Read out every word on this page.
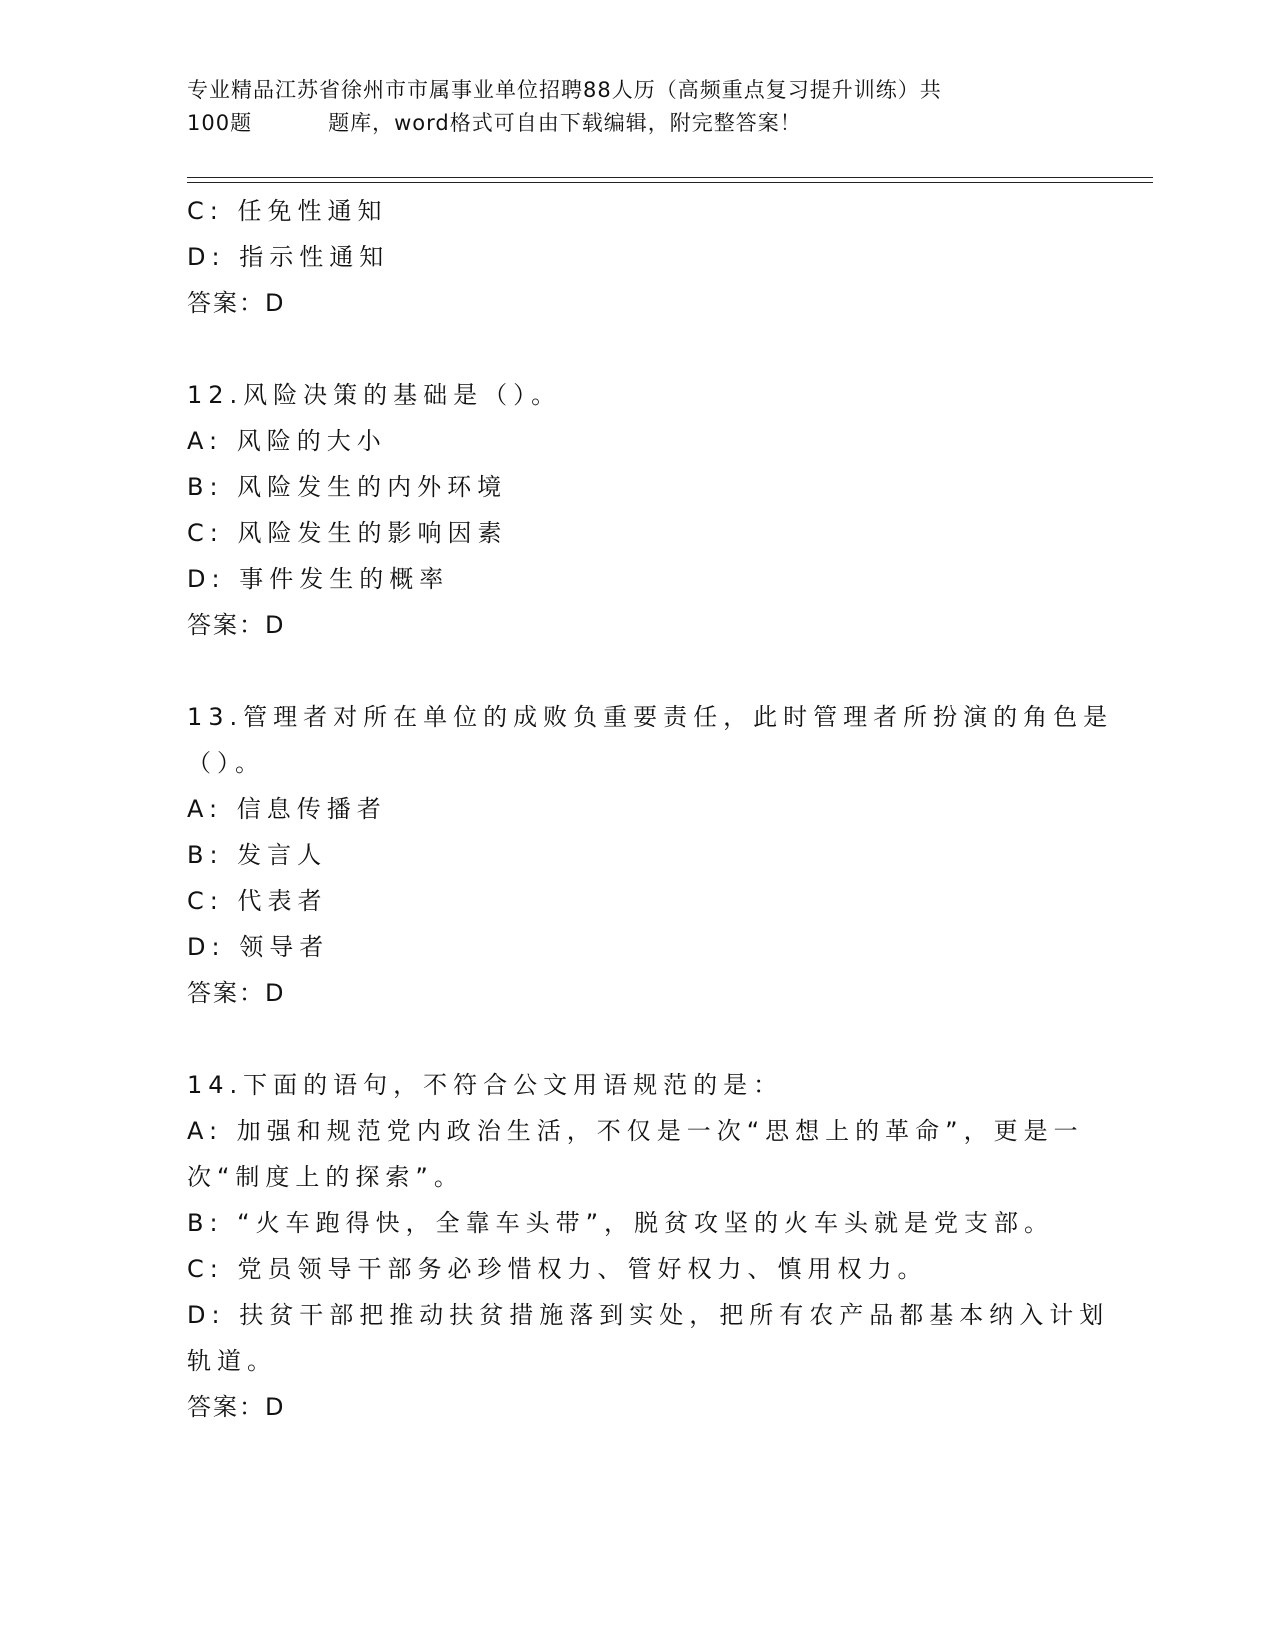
专业精品江苏省徐州市市属事业单位招聘88人历（高频重点复习提升训练）共
100题	题库，word格式可自由下载编辑，附完整答案！
C: 任免性通知
D: 指示性通知
答案：D
12.风险决策的基础是（）。
A: 风险的大小
B: 风险发生的内外环境
C: 风险发生的影响因素
D: 事件发生的概率
答案：D
13.管理者对所在单位的成败负重要责任，此时管理者所扮演的角色是
（）。
A: 信息传播者
B: 发言人
C: 代表者
D: 领导者
答案：D
14.下面的语句，不符合公文用语规范的是：
A: 加强和规范党内政治生活，不仅是一次“思想上的革命”，更是一
次“制度上的探索”。
B: “火车跑得快，全靠车头带”，脱贫攻坚的火车头就是党支部。
C: 党员领导干部务必珍惜权力、管好权力、慎用权力。
D: 扶贫干部把推动扶贫措施落到实处，把所有农产品都基本纳入计划
轨道。
答案：D
